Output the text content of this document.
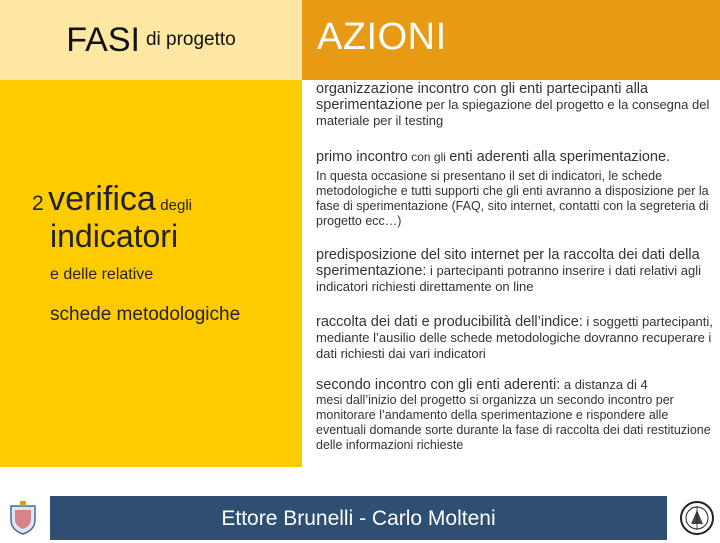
FASI di progetto AZIONI
2 verifica degli
indicatori
e delle relative
schede metodologiche
organizzazione incontro con gli enti partecipanti alla sperimentazione per la spiegazione del progetto e la consegna del materiale per il testing
primo incontro con gli enti aderenti alla sperimentazione.
In questa occasione si presentano il set di indicatori, le schede metodologiche e tutti supporti che gli enti avranno a disposizione per la fase di sperimentazione (FAQ, sito internet, contatti con la segreteria di progetto ecc…)
predisposizione del sito internet per la raccolta dei dati della sperimentazione: i partecipanti potranno inserire i dati relativi agli indicatori richiesti direttamente on line
raccolta dei dati e producibilità dell’indice: i soggetti partecipanti, mediante l’ausilio delle schede metodologiche dovranno recuperare i dati richiesti dai vari indicatori
secondo incontro con gli enti aderenti: a distanza di 4
mesi dall’inizio del progetto si organizza un secondo incontro per monitorare l’andamento della sperimentazione e rispondere alle eventuali domande sorte durante la fase di raccolta dei dati restituzione delle informazioni richieste
Ettore Brunelli - Carlo Molteni
